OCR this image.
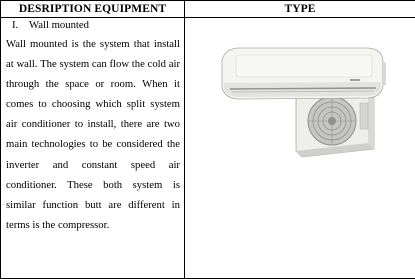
DESRIPTION EQUIPMENT	TYPE

I. Wall mounted
Wall mounted is the system that install at wall. The system can flow the cold air through the space or room. When it comes to choosing which split system air conditioner to install, there are two main technologies to be considered the inverter and constant speed air conditioner. These both system is similar function butt are different in terms is the compressor.
